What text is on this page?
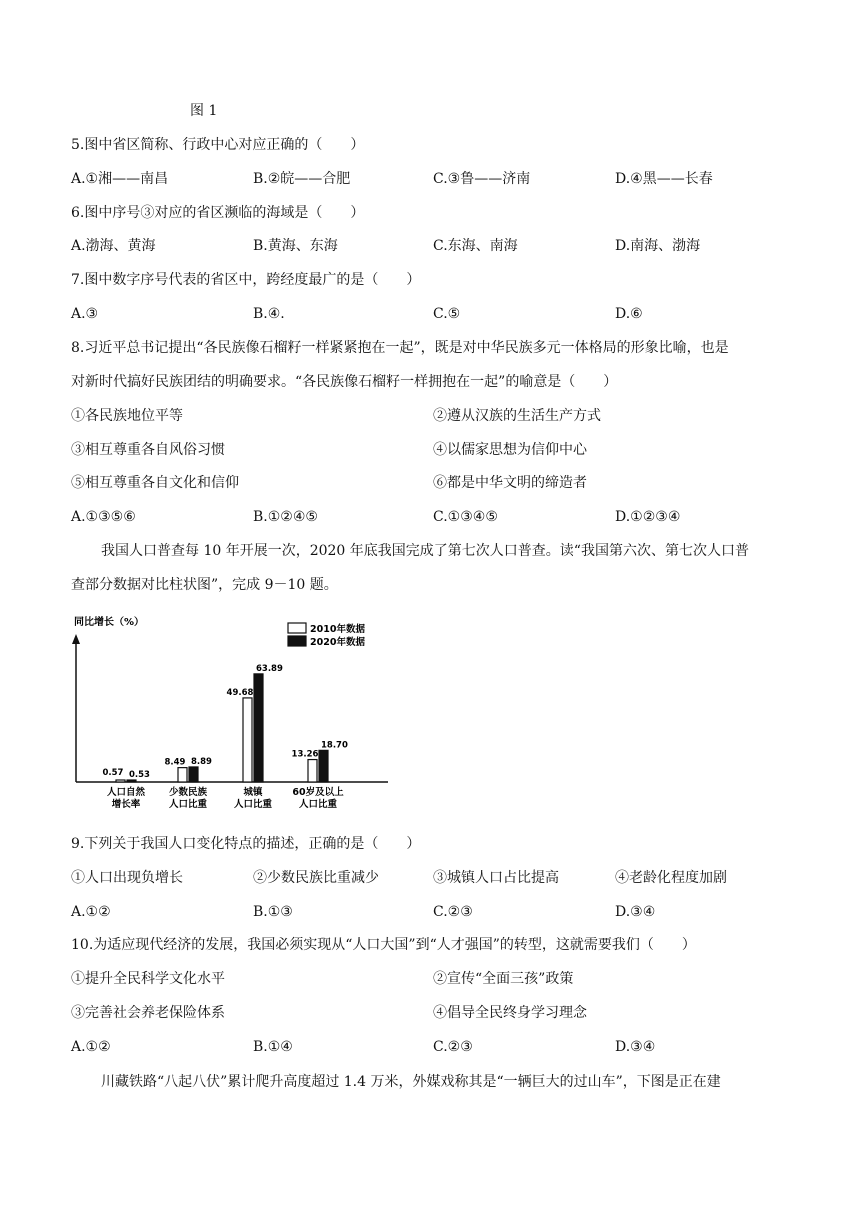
图 1
5.图中省区简称、行政中心对应正确的（　　）
A.①湘——南昌	B.②皖——合肥	C.③鲁——济南	D.④黑——长春
6.图中序号③对应的省区濒临的海域是（　　）
A.渤海、黄海	B.黄海、东海	C.东海、南海	D.南海、渤海
7.图中数字序号代表的省区中，跨经度最广的是（　　）
A.③	B.④.	C.⑤	D.⑥
8.习近平总书记提出“各民族像石榴籽一样紧紧抱在一起”，既是对中华民族多元一体格局的形象比喻，也是
对新时代搞好民族团结的明确要求。“各民族像石榴籽一样拥抱在一起”的喻意是（　　）
①各民族地位平等	②遵从汉族的生活生产方式
③相互尊重各自风俗习惯	④以儒家思想为信仰中心
⑤相互尊重各自文化和信仰	⑥都是中华文明的缔造者
A.①③⑤⑥	B.①②④⑤	C.①③④⑤	D.①②③④
我国人口普查每 10 年开展一次，2020 年底我国完成了第七次人口普查。读“我国第六次、第七次人口普
查部分数据对比柱状图”，完成 9－10 题。
同比增长（%）
2010年数据
2020年数据
0.57 0.53
人口自然
增长率
8.49 8.89
少数民族
人口比重
49.68
63.89
城镇
人口比重
13.26
18.70
60岁及以上
人口比重
9.下列关于我国人口变化特点的描述，正确的是（　　）
①人口出现负增长	②少数民族比重减少	③城镇人口占比提高	④老龄化程度加剧
A.①②	B.①③	C.②③	D.③④
10.为适应现代经济的发展，我国必须实现从“人口大国”到“人才强国”的转型，这就需要我们（　　）
①提升全民科学文化水平	②宣传“全面三孩”政策
③完善社会养老保险体系	④倡导全民终身学习理念
A.①②	B.①④	C.②③	D.③④
川藏铁路“八起八伏”累计爬升高度超过 1.4 万米，外媒戏称其是“一辆巨大的过山车”，下图是正在建
